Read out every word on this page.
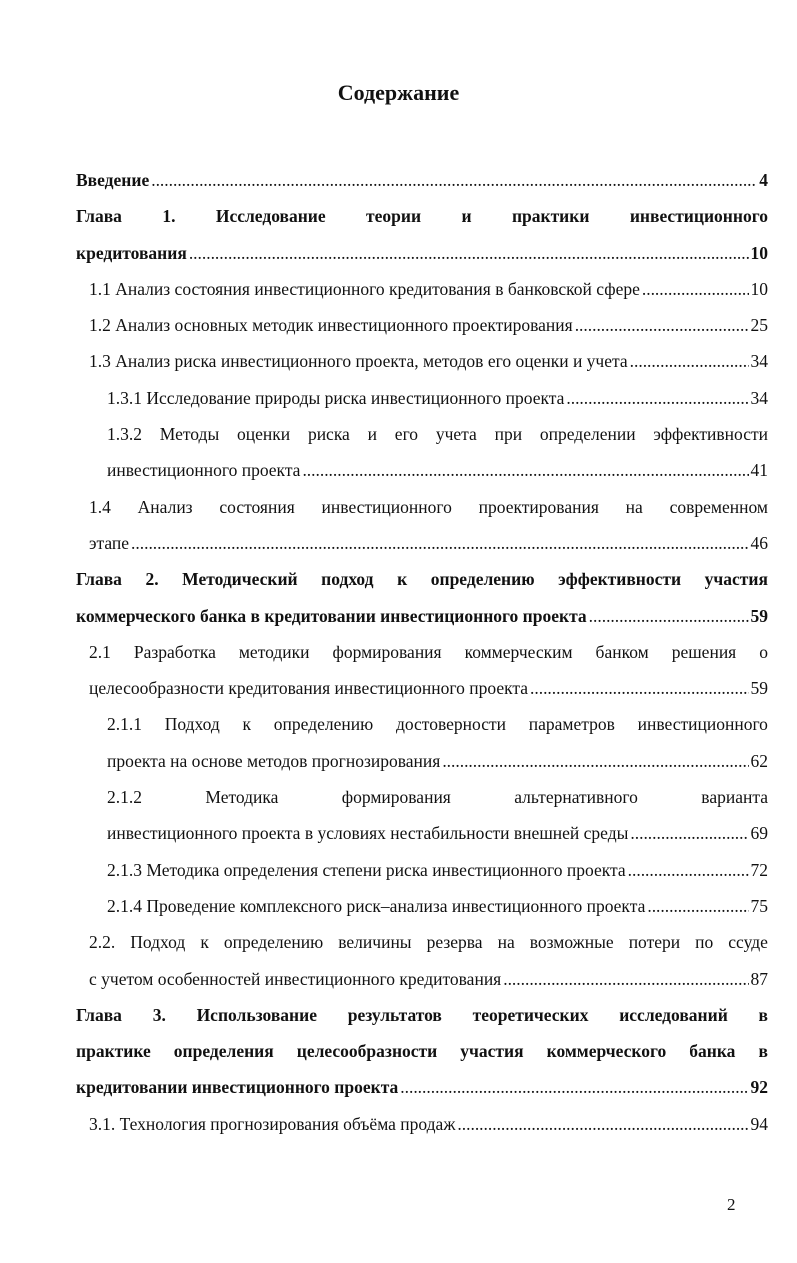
Содержание
Введение . . .	4
Глава 1. Исследование теории и практики инвестиционного
кредитования . . .	10
1.1 Анализ состояния инвестиционного кредитования в банковской сфере . . .	10
1.2 Анализ основных методик инвестиционного проектирования . . .	25
1.3 Анализ риска инвестиционного проекта, методов его оценки и учета . . .	34
1.3.1 Исследование природы риска инвестиционного проекта . . .	34
1.3.2 Методы оценки риска и его учета при определении эффективности
инвестиционного проекта . . .	41
1.4 Анализ состояния инвестиционного проектирования на современном
этапе . . .	46
Глава 2. Методический подход к определению эффективности участия
коммерческого банка в кредитовании инвестиционного проекта . . .	59
2.1 Разработка методики формирования коммерческим банком решения о
целесообразности кредитования инвестиционного проекта . . .	59
2.1.1 Подход к определению достоверности параметров инвестиционного
проекта на основе методов прогнозирования . . .	62
2.1.2	Методика	формирования	альтернативного	варианта
инвестиционного проекта в условиях нестабильности внешней среды . . .	69
2.1.3 Методика определения степени риска инвестиционного проекта . . .	72
2.1.4 Проведение комплексного риск–анализа инвестиционного проекта . . .	75
2.2. Подход к определению величины резерва на возможные потери по ссуде
с учетом особенностей инвестиционного кредитования . . .	87
Глава 3. Использование результатов теоретических исследований в
практике определения целесообразности участия коммерческого банка в
кредитовании инвестиционного проекта . . .	92
3.1. Технология прогнозирования объёма продаж . . .	94
2
